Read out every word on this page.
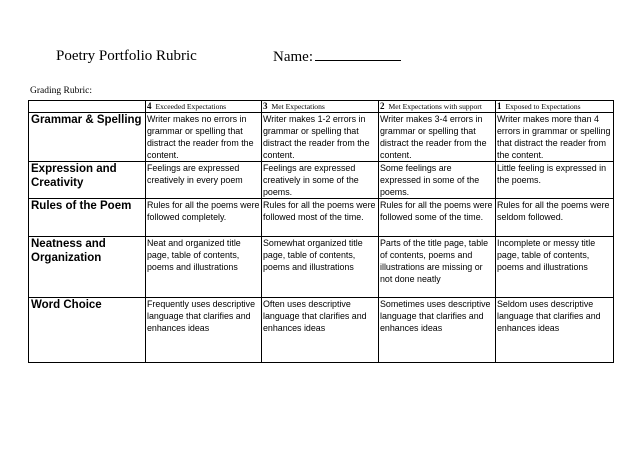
Poetry Portfolio Rubric	Name:
Grading Rubric:
	4 Exceeded Expectations	3 Met Expectations	2 Met Expectations with support	1 Exposed to Expectations
Grammar & Spelling	Writer makes no errors in grammar or spelling that distract the reader from the content.	Writer makes 1-2 errors in grammar or spelling that distract the reader from the content.	Writer makes 3-4 errors in grammar or spelling that distract the reader from the content.	Writer makes more than 4 errors in grammar or spelling that distract the reader from the content.
Expression and Creativity	Feelings are expressed creatively in every poem	Feelings are expressed creatively in some of the poems.	Some feelings are expressed in some of the poems.	Little feeling is expressed in the poems.
Rules of the Poem	Rules for all the poems were followed completely.	Rules for all the poems were followed most of the time.	Rules for all the poems were followed some of the time.	Rules for all the poems were seldom followed.
Neatness and Organization	Neat and organized title page, table of contents, poems and illustrations	Somewhat organized title page, table of contents, poems and illustrations	Parts of the title page, table of contents, poems and illustrations are missing or not done neatly	Incomplete or messy title page, table of contents, poems and illustrations
Word Choice	Frequently uses descriptive language that clarifies and enhances ideas	Often uses descriptive language that clarifies and enhances ideas	Sometimes uses descriptive language that clarifies and enhances ideas	Seldom uses descriptive language that clarifies and enhances ideas
